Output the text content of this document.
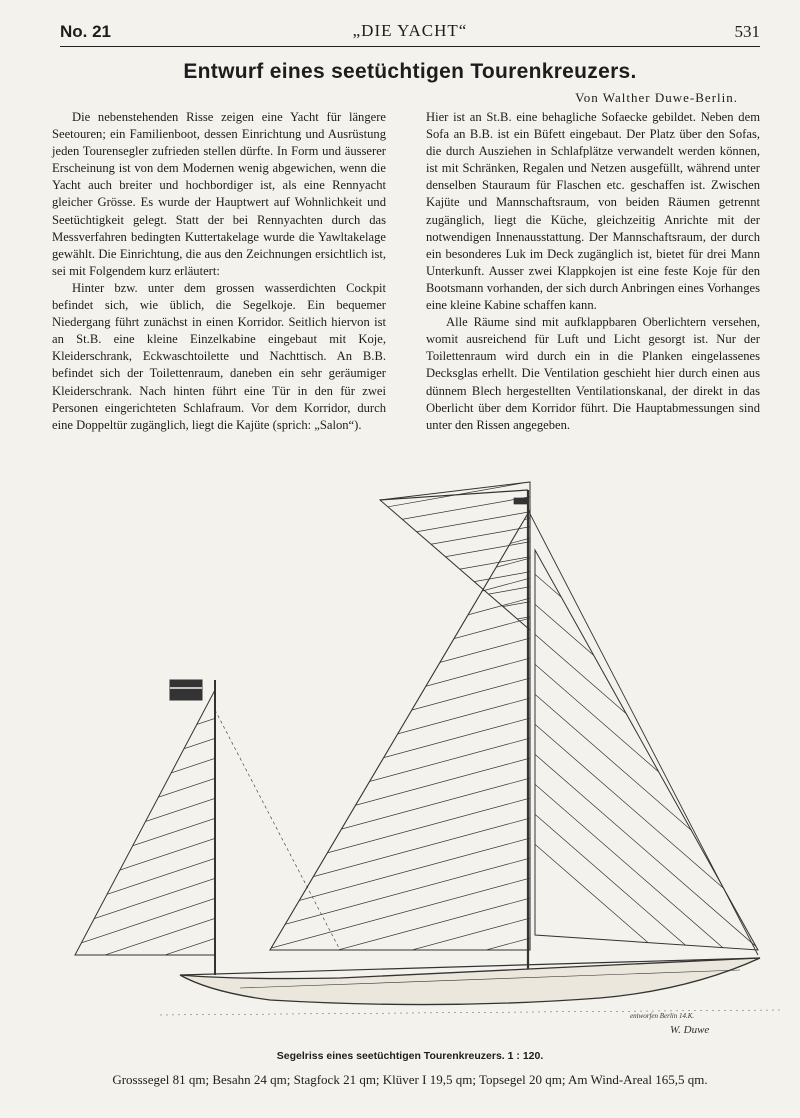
No. 21	„DIE YACHT“	531
Entwurf eines seetüchtigen Tourenkreuzers.
Von Walther Duwe-Berlin.

Die nebenstehenden Risse zeigen eine Yacht für längere Seetouren; ein Familienboot, dessen Einrichtung und Ausrüstung jeden Tourensegler zufrieden stellen dürfte. In Form und äusserer Erscheinung ist von dem Modernen wenig abgewichen, wenn die Yacht auch breiter und hochbordiger ist, als eine Rennyacht gleicher Grösse. Es wurde der Hauptwert auf Wohnlichkeit und Seetüchtigkeit gelegt. Statt der bei Rennyachten durch das Messverfahren bedingten Kuttertakelage wurde die Yawltakelage gewählt. Die Einrichtung, die aus den Zeichnungen ersichtlich ist, sei mit Folgendem kurz erläutert:

Hinter bzw. unter dem grossen wasserdichten Cockpit befindet sich, wie üblich, die Segelkoje. Ein bequemer Niedergang führt zunächst in einen Korridor. Seitlich hiervon ist an St.B. eine kleine Einzelkabine eingebaut mit Koje, Kleiderschrank, Eckwaschtoilette und Nachttisch. An B.B. befindet sich der Toilettenraum, daneben ein sehr geräumiger Kleiderschrank. Nach hinten führt eine Tür in den für zwei Personen eingerichteten Schlafraum. Vor dem Korridor, durch eine Doppeltür zugänglich, liegt die Kajüte (sprich: „Salon“).

Hier ist an St.B. eine behagliche Sofaecke gebildet. Neben dem Sofa an B.B. ist ein Büfett eingebaut. Der Platz über den Sofas, die durch Ausziehen in Schlafplätze verwandelt werden können, ist mit Schränken, Regalen und Netzen ausgefüllt, während unter denselben Stauraum für Flaschen etc. geschaffen ist. Zwischen Kajüte und Mannschaftsraum, von beiden Räumen getrennt zugänglich, liegt die Küche, gleichzeitig Anrichte mit der notwendigen Innenausstattung. Der Mannschaftsraum, der durch ein besonderes Luk im Deck zugänglich ist, bietet für drei Mann Unterkunft. Ausser zwei Klappkojen ist eine feste Koje für den Bootsmann vorhanden, der sich durch Anbringen eines Vorhanges eine kleine Kabine schaffen kann.

Alle Räume sind mit aufklappbaren Oberlichtern versehen, womit ausreichend für Luft und Licht gesorgt ist. Nur der Toilettenraum wird durch ein in die Planken eingelassenes Decksglas erhellt. Die Ventilation geschieht hier durch einen aus dünnem Blech hergestellten Ventilationskanal, der direkt in das Oberlicht über dem Korridor führt. Die Hauptabmessungen sind unter den Rissen angegeben.

entworfen Berlin 14.K.
W. Duwe
Segelriss eines seetüchtigen Tourenkreuzers. 1 : 120.
Grosssegel 81 qm; Besahn 24 qm; Stagfock 21 qm; Klüver I 19,5 qm; Topsegel 20 qm; Am Wind-Areal 165,5 qm.
